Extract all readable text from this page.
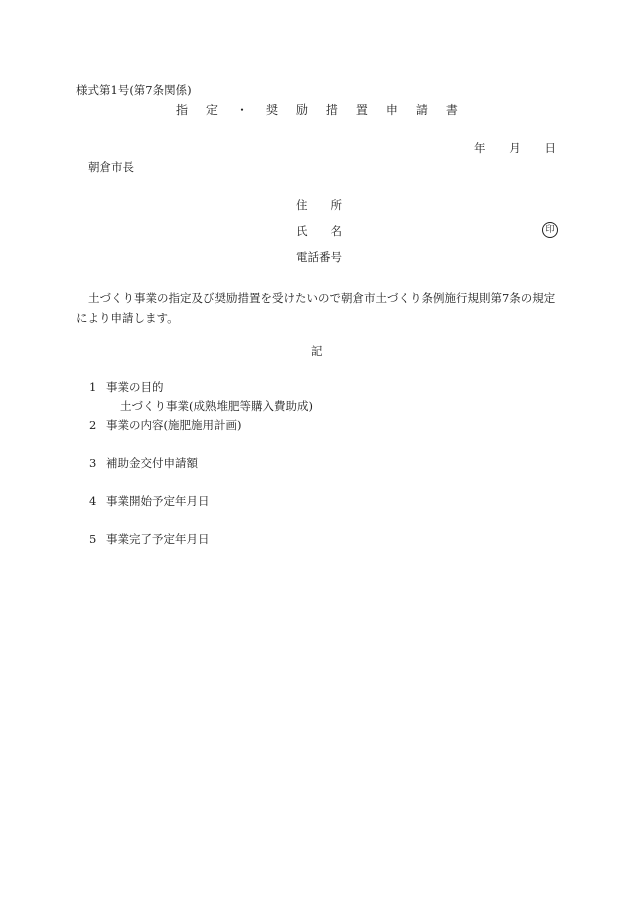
様式第1号(第7条関係)
指 定 ・ 奨 励 措 置 申 請 書
年 月 日
朝倉市長
住 所
氏 名	印
電話番号
土づくり事業の指定及び奨励措置を受けたいので朝倉市土づくり条例施行規則第7条の規定により申請します。
記
1 事業の目的
土づくり事業(成熟堆肥等購入費助成)
2 事業の内容(施肥施用計画)
3 補助金交付申請額
4 事業開始予定年月日
5 事業完了予定年月日
